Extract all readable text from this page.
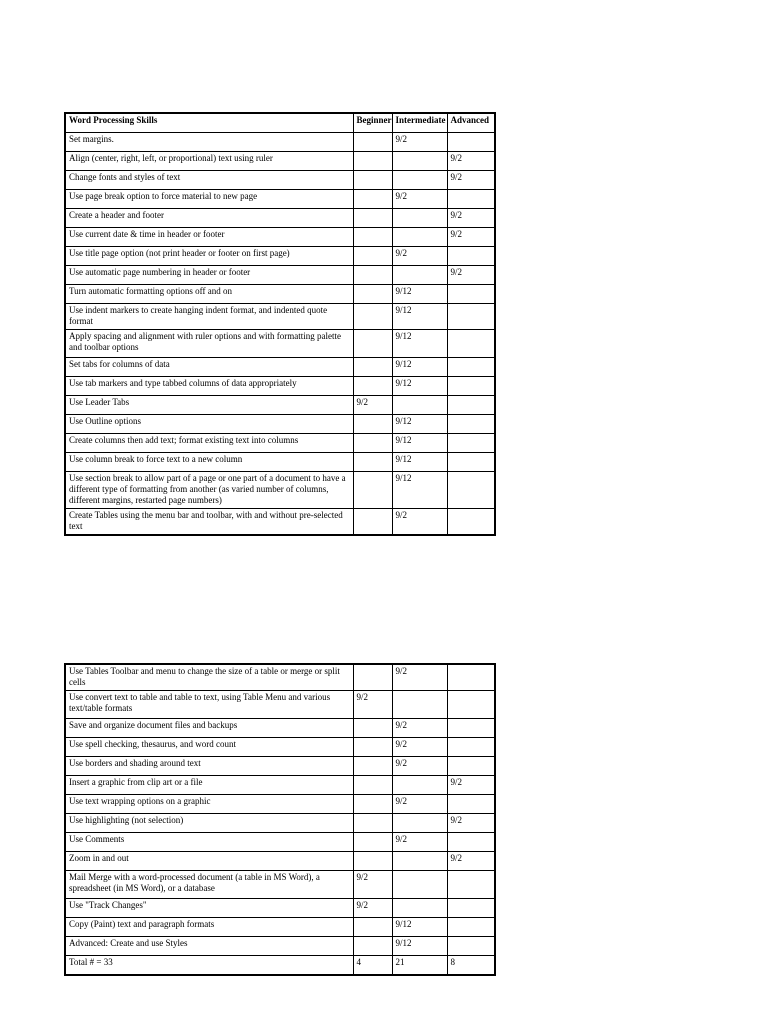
Word Processing Skills	Beginner	Intermediate	Advanced
Set margins.		9/2	
Align (center, right, left, or proportional) text using ruler			9/2
Change fonts and styles of text			9/2
Use page break option to force material to new page		9/2	
Create a header and footer			9/2
Use current date & time in header or footer			9/2
Use title page option (not print header or footer on first page)		9/2	
Use automatic page numbering in header or footer			9/2
Turn automatic formatting options off and on		9/12	
Use indent markers to create hanging indent format, and indented quote format		9/12	
Apply spacing and alignment with ruler options and with formatting palette and toolbar options		9/12	
Set tabs for columns of data		9/12	
Use tab markers and type tabbed columns of data appropriately		9/12	
Use Leader Tabs	9/2		
Use Outline options		9/12	
Create columns then add text; format existing text into columns		9/12	
Use column break to force text to a new column		9/12	
Use section break to allow part of a page or one part of a document to have a different type of formatting from another (as varied number of columns, different margins, restarted page numbers)		9/12	
Create Tables using the menu bar and toolbar, with and without pre-selected text		9/2	
Use Tables Toolbar and menu to change the size of a table or merge or split cells		9/2	
Use convert text to table and table to text, using Table Menu and various text/table formats	9/2		
Save and organize document files and backups		9/2	
Use spell checking, thesaurus, and word count		9/2	
Use borders and shading around text		9/2	
Insert a graphic from clip art or a file			9/2
Use text wrapping options on a graphic		9/2	
Use highlighting (not selection)			9/2
Use Comments		9/2	
Zoom in and out			9/2
Mail Merge with a word-processed document (a table in MS Word), a spreadsheet (in MS Word), or a database	9/2		
Use "Track Changes"	9/2		
Copy (Paint) text and paragraph formats		9/12	
Advanced: Create and use Styles		9/12	
Total # = 33	4	21	8
